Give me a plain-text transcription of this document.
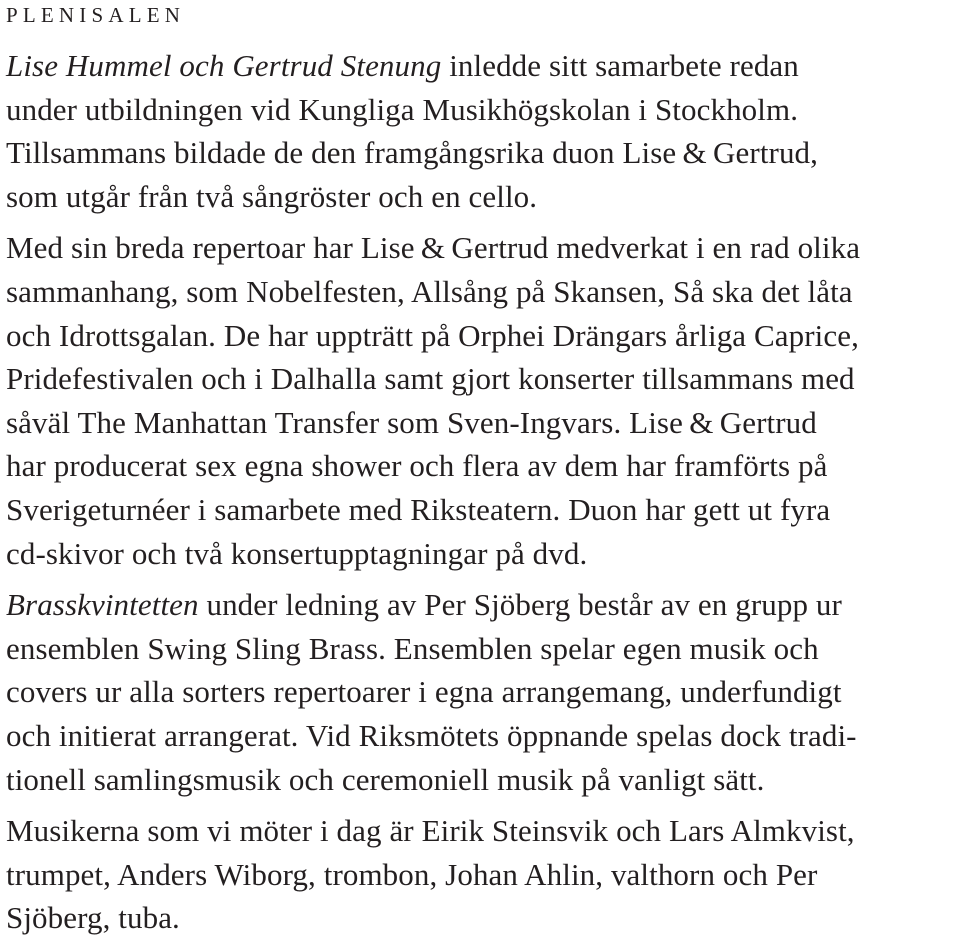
PLENISALEN

Lise Hummel och Gertrud Stenung inledde sitt samarbete redan
under utbildningen vid Kungliga Musikhögskolan i Stockholm.
Tillsammans bildade de den framgångsrika duon Lise & Gertrud,
som utgår från två sångröster och en cello.

Med sin breda repertoar har Lise & Gertrud medverkat i en rad olika
sammanhang, som Nobelfesten, Allsång på Skansen, Så ska det låta
och Idrottsgalan. De har uppträtt på Orphei Drängars årliga Caprice,
Pridefestivalen och i Dalhalla samt gjort konserter tillsammans med
såväl The Manhattan Transfer som Sven-Ingvars. Lise & Gertrud
har producerat sex egna shower och flera av dem har framförts på
Sverigeturnéer i samarbete med Riksteatern. Duon har gett ut fyra
cd-skivor och två konsertupptagningar på dvd.

Brasskvintetten under ledning av Per Sjöberg består av en grupp ur
ensemblen Swing Sling Brass. Ensemblen spelar egen musik och
covers ur alla sorters repertoarer i egna arrangemang, underfundigt
och initierat arrangerat. Vid Riksmötets öppnande spelas dock tradi-
tionell samlingsmusik och ceremoniell musik på vanligt sätt.

Musikerna som vi möter i dag är Eirik Steinsvik och Lars Almkvist,
trumpet, Anders Wiborg, trombon, Johan Ahlin, valthorn och Per
Sjöberg, tuba.
